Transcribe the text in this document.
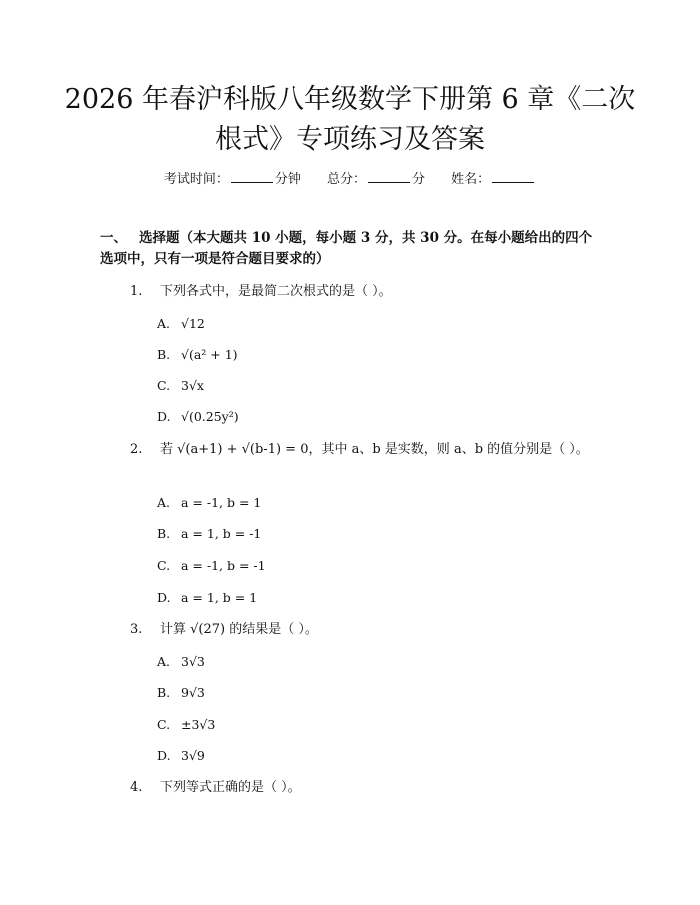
2026 年春沪科版八年级数学下册第 6 章《二次根式》专项练习及答案
考试时间：	分钟 总分：	分 姓名：
一、 选择题（本大题共 10 小题，每小题 3 分，共 30 分。在每小题给出的四个选项中，只有一项是符合题目要求的）
1. 下列各式中，是最简二次根式的是（ ）。
A. √12
B. √(a² + 1)
C. 3√x
D. √(0.25y²)
2. 若 √(a+1) + √(b-1) = 0，其中 a、b 是实数，则 a、b 的值分别是（ ）。
A. a = -1, b = 1
B. a = 1, b = -1
C. a = -1, b = -1
D. a = 1, b = 1
3. 计算 √(27) 的结果是（ ）。
A. 3√3
B. 9√3
C. ±3√3
D. 3√9
4. 下列等式正确的是（ ）。
